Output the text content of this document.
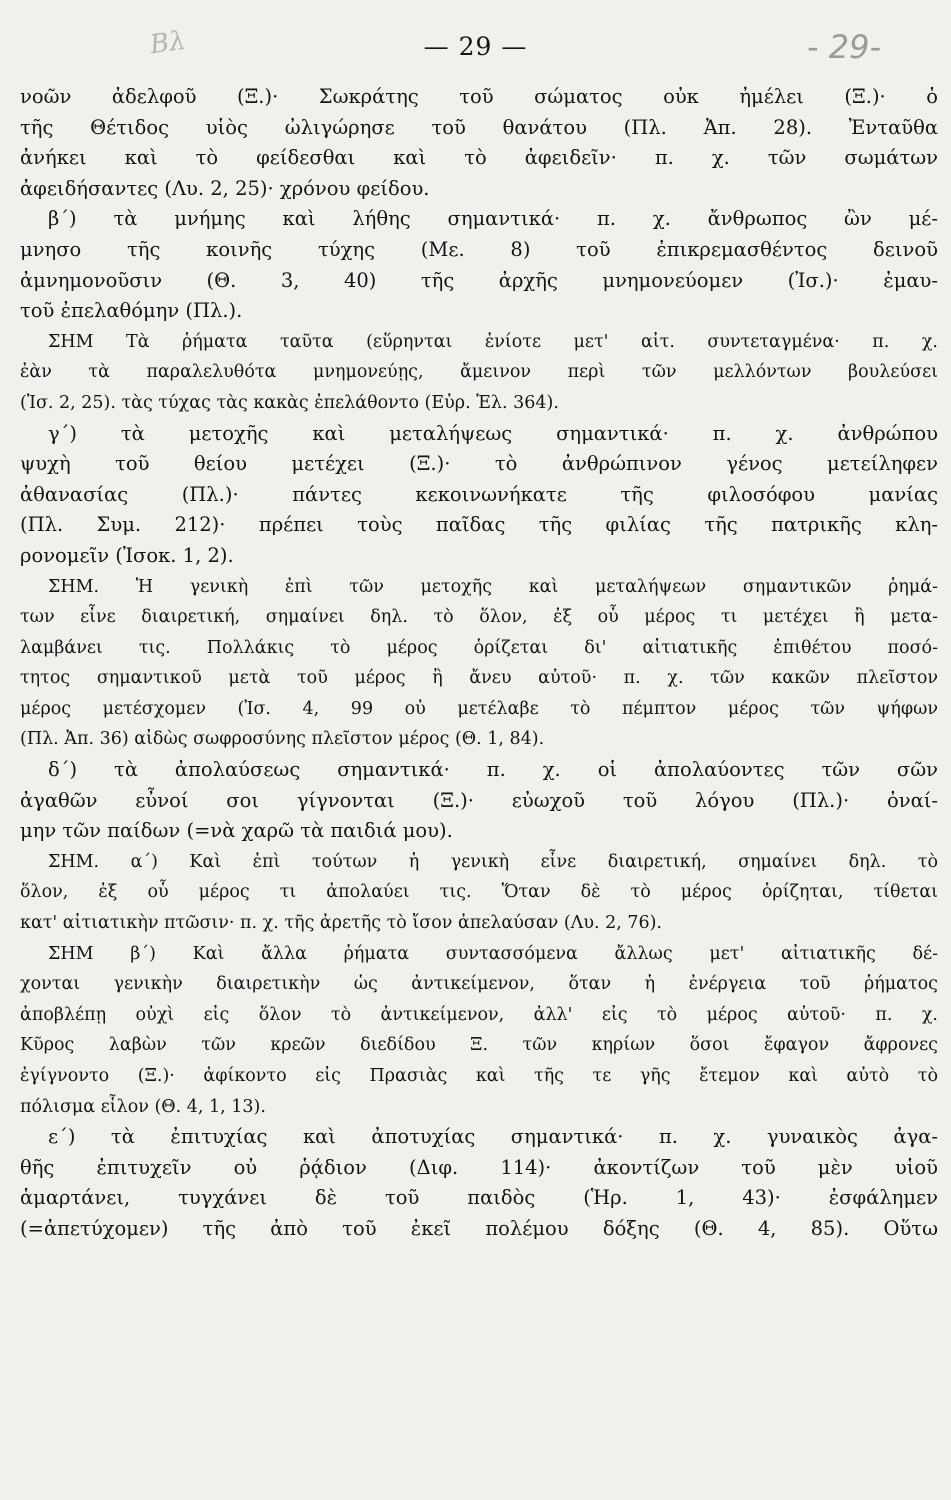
Bλ	— 29 —	- 29-
νοῶν ἀδελφοῦ (Ξ.)· Σωκράτης τοῦ σώματος οὐκ ἠμέλει (Ξ.)· ὁ
τῆς Θέτιδος υἱὸς ὠλιγώρησε τοῦ θανάτου (Πλ. Ἀπ. 28). Ἐνταῦθα
ἀνήκει καὶ τὸ φείδεσθαι καὶ τὸ ἀφειδεῖν· π. χ. τῶν σωμάτων
ἀφειδήσαντες (Λυ. 2, 25)· χρόνου φείδου.
β΄) τὰ μνήμης καὶ λήθης σημαντικά· π. χ. ἄνθρωπος ὢν μέ-
μνησο τῆς κοινῆς τύχης (Με. 8) τοῦ ἐπικρεμασθέντος δεινοῦ
ἀμνημονοῦσιν (Θ. 3, 40) τῆς ἀρχῆς μνημονεύομεν (Ἰσ.)· ἐμαυ-
τοῦ ἐπελαθόμην (Πλ.).
ΣΗΜ Τὰ ῥήματα ταῦτα (εὕρηνται ἐνίοτε μετ' αἰτ. συντεταγμένα· π. χ.
ἐὰν τὰ παραλελυθότα μνημονεύῃς, ἄμεινον περὶ τῶν μελλόντων βουλεύσει
(Ἰσ. 2, 25). τὰς τύχας τὰς κακὰς ἐπελάθοντο (Εὐρ. Ἑλ. 364).
γ΄) τὰ μετοχῆς καὶ μεταλήψεως σημαντικά· π. χ. ἀνθρώπου
ψυχὴ τοῦ θείου μετέχει (Ξ.)· τὸ ἀνθρώπινον γένος μετείληφεν
ἀθανασίας (Πλ.)· πάντες κεκοινωνήκατε τῆς φιλοσόφου μανίας
(Πλ. Συμ. 212)· πρέπει τοὺς παῖδας τῆς φιλίας τῆς πατρικῆς κλη-
ρονομεῖν (Ἰσοκ. 1, 2).
ΣΗΜ. Ἡ γενικὴ ἐπὶ τῶν μετοχῆς καὶ μεταλήψεων σημαντικῶν ῥημά-
των εἶνε διαιρετική, σημαίνει δηλ. τὸ ὅλον, ἐξ οὗ μέρος τι μετέχει ἢ μετα-
λαμβάνει τις. Πολλάκις τὸ μέρος ὁρίζεται δι' αἰτιατικῆς ἐπιθέτου ποσό-
τητος σημαντικοῦ μετὰ τοῦ μέρος ἢ ἄνευ αὐτοῦ· π. χ. τῶν κακῶν πλεῖστον
μέρος μετέσχομεν (Ἰσ. 4, 99 οὐ μετέλαβε τὸ πέμπτον μέρος τῶν ψήφων
(Πλ. Ἀπ. 36) αἰδὼς σωφροσύνης πλεῖστον μέρος (Θ. 1, 84).
δ΄) τὰ ἀπολαύσεως σημαντικά· π. χ. οἱ ἀπολαύοντες τῶν σῶν
ἀγαθῶν εὖνοί σοι γίγνονται (Ξ.)· εὐωχοῦ τοῦ λόγου (Πλ.)· ὀναί-
μην τῶν παίδων (=νὰ χαρῶ τὰ παιδιά μου).
ΣΗΜ. α΄) Καὶ ἐπὶ τούτων ἡ γενικὴ εἶνε διαιρετική, σημαίνει δηλ. τὸ
ὅλον, ἐξ οὗ μέρος τι ἀπολαύει τις. Ὅταν δὲ τὸ μέρος ὁρίζηται, τίθεται
κατ' αἰτιατικὴν πτῶσιν· π. χ. τῆς ἀρετῆς τὸ ἴσον ἀπελαύσαν (Λυ. 2, 76).
ΣΗΜ β΄) Καὶ ἄλλα ῥήματα συντασσόμενα ἄλλως μετ' αἰτιατικῆς δέ-
χονται γενικὴν διαιρετικὴν ὡς ἀντικείμενον, ὅταν ἡ ἐνέργεια τοῦ ῥήματος
ἀποβλέπῃ οὐχὶ εἰς ὅλον τὸ ἀντικείμενον, ἀλλ' εἰς τὸ μέρος αὐτοῦ· π. χ.
Κῦρος λαβὼν τῶν κρεῶν διεδίδου Ξ. τῶν κηρίων ὅσοι ἔφαγον ἄφρονες
ἐγίγνοντο (Ξ.)· ἀφίκοντο εἰς Πρασιὰς καὶ τῆς τε γῆς ἔτεμον καὶ αὐτὸ τὸ
πόλισμα εἷλον (Θ. 4, 1, 13).
ε΄) τὰ ἐπιτυχίας καὶ ἀποτυχίας σημαντικά· π. χ. γυναικὸς ἀγα-
θῆς ἐπιτυχεῖν οὐ ῥᾴδιον (Διφ. 114)· ἀκοντίζων τοῦ μὲν υἱοῦ
ἁμαρτάνει, τυγχάνει δὲ τοῦ παιδὸς (Ἡρ. 1, 43)· ἐσφάλημεν
(=ἀπετύχομεν) τῆς ἀπὸ τοῦ ἐκεῖ πολέμου δόξης (Θ. 4, 85). Οὕτω
